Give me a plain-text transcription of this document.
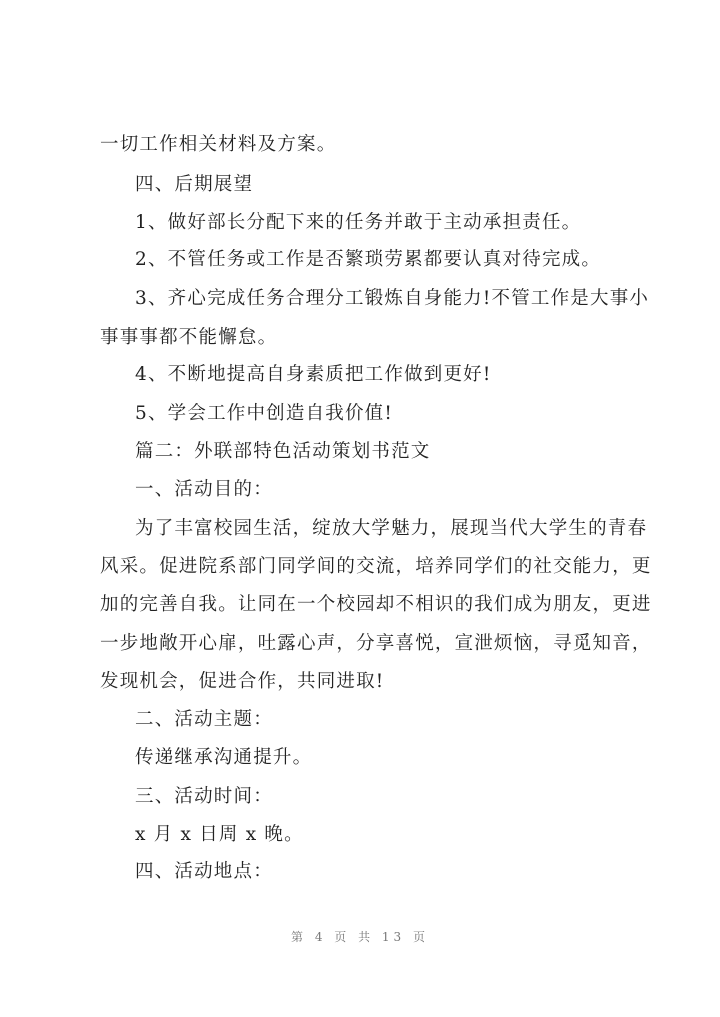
一切工作相关材料及方案。
四、后期展望
1、做好部长分配下来的任务并敢于主动承担责任。
2、不管任务或工作是否繁琐劳累都要认真对待完成。
3、齐心完成任务合理分工锻炼自身能力!不管工作是大事小
事事事都不能懈怠。
4、不断地提高自身素质把工作做到更好!
5、学会工作中创造自我价值!
篇二：外联部特色活动策划书范文
一、活动目的：
为了丰富校园生活，绽放大学魅力，展现当代大学生的青春
风采。促进院系部门同学间的交流，培养同学们的社交能力，更
加的完善自我。让同在一个校园却不相识的我们成为朋友，更进
一步地敞开心扉，吐露心声，分享喜悦，宣泄烦恼，寻觅知音，
发现机会，促进合作，共同进取!
二、活动主题：
传递继承沟通提升。
三、活动时间：
x 月 x 日周 x 晚。
四、活动地点：
第 4 页 共 13 页
